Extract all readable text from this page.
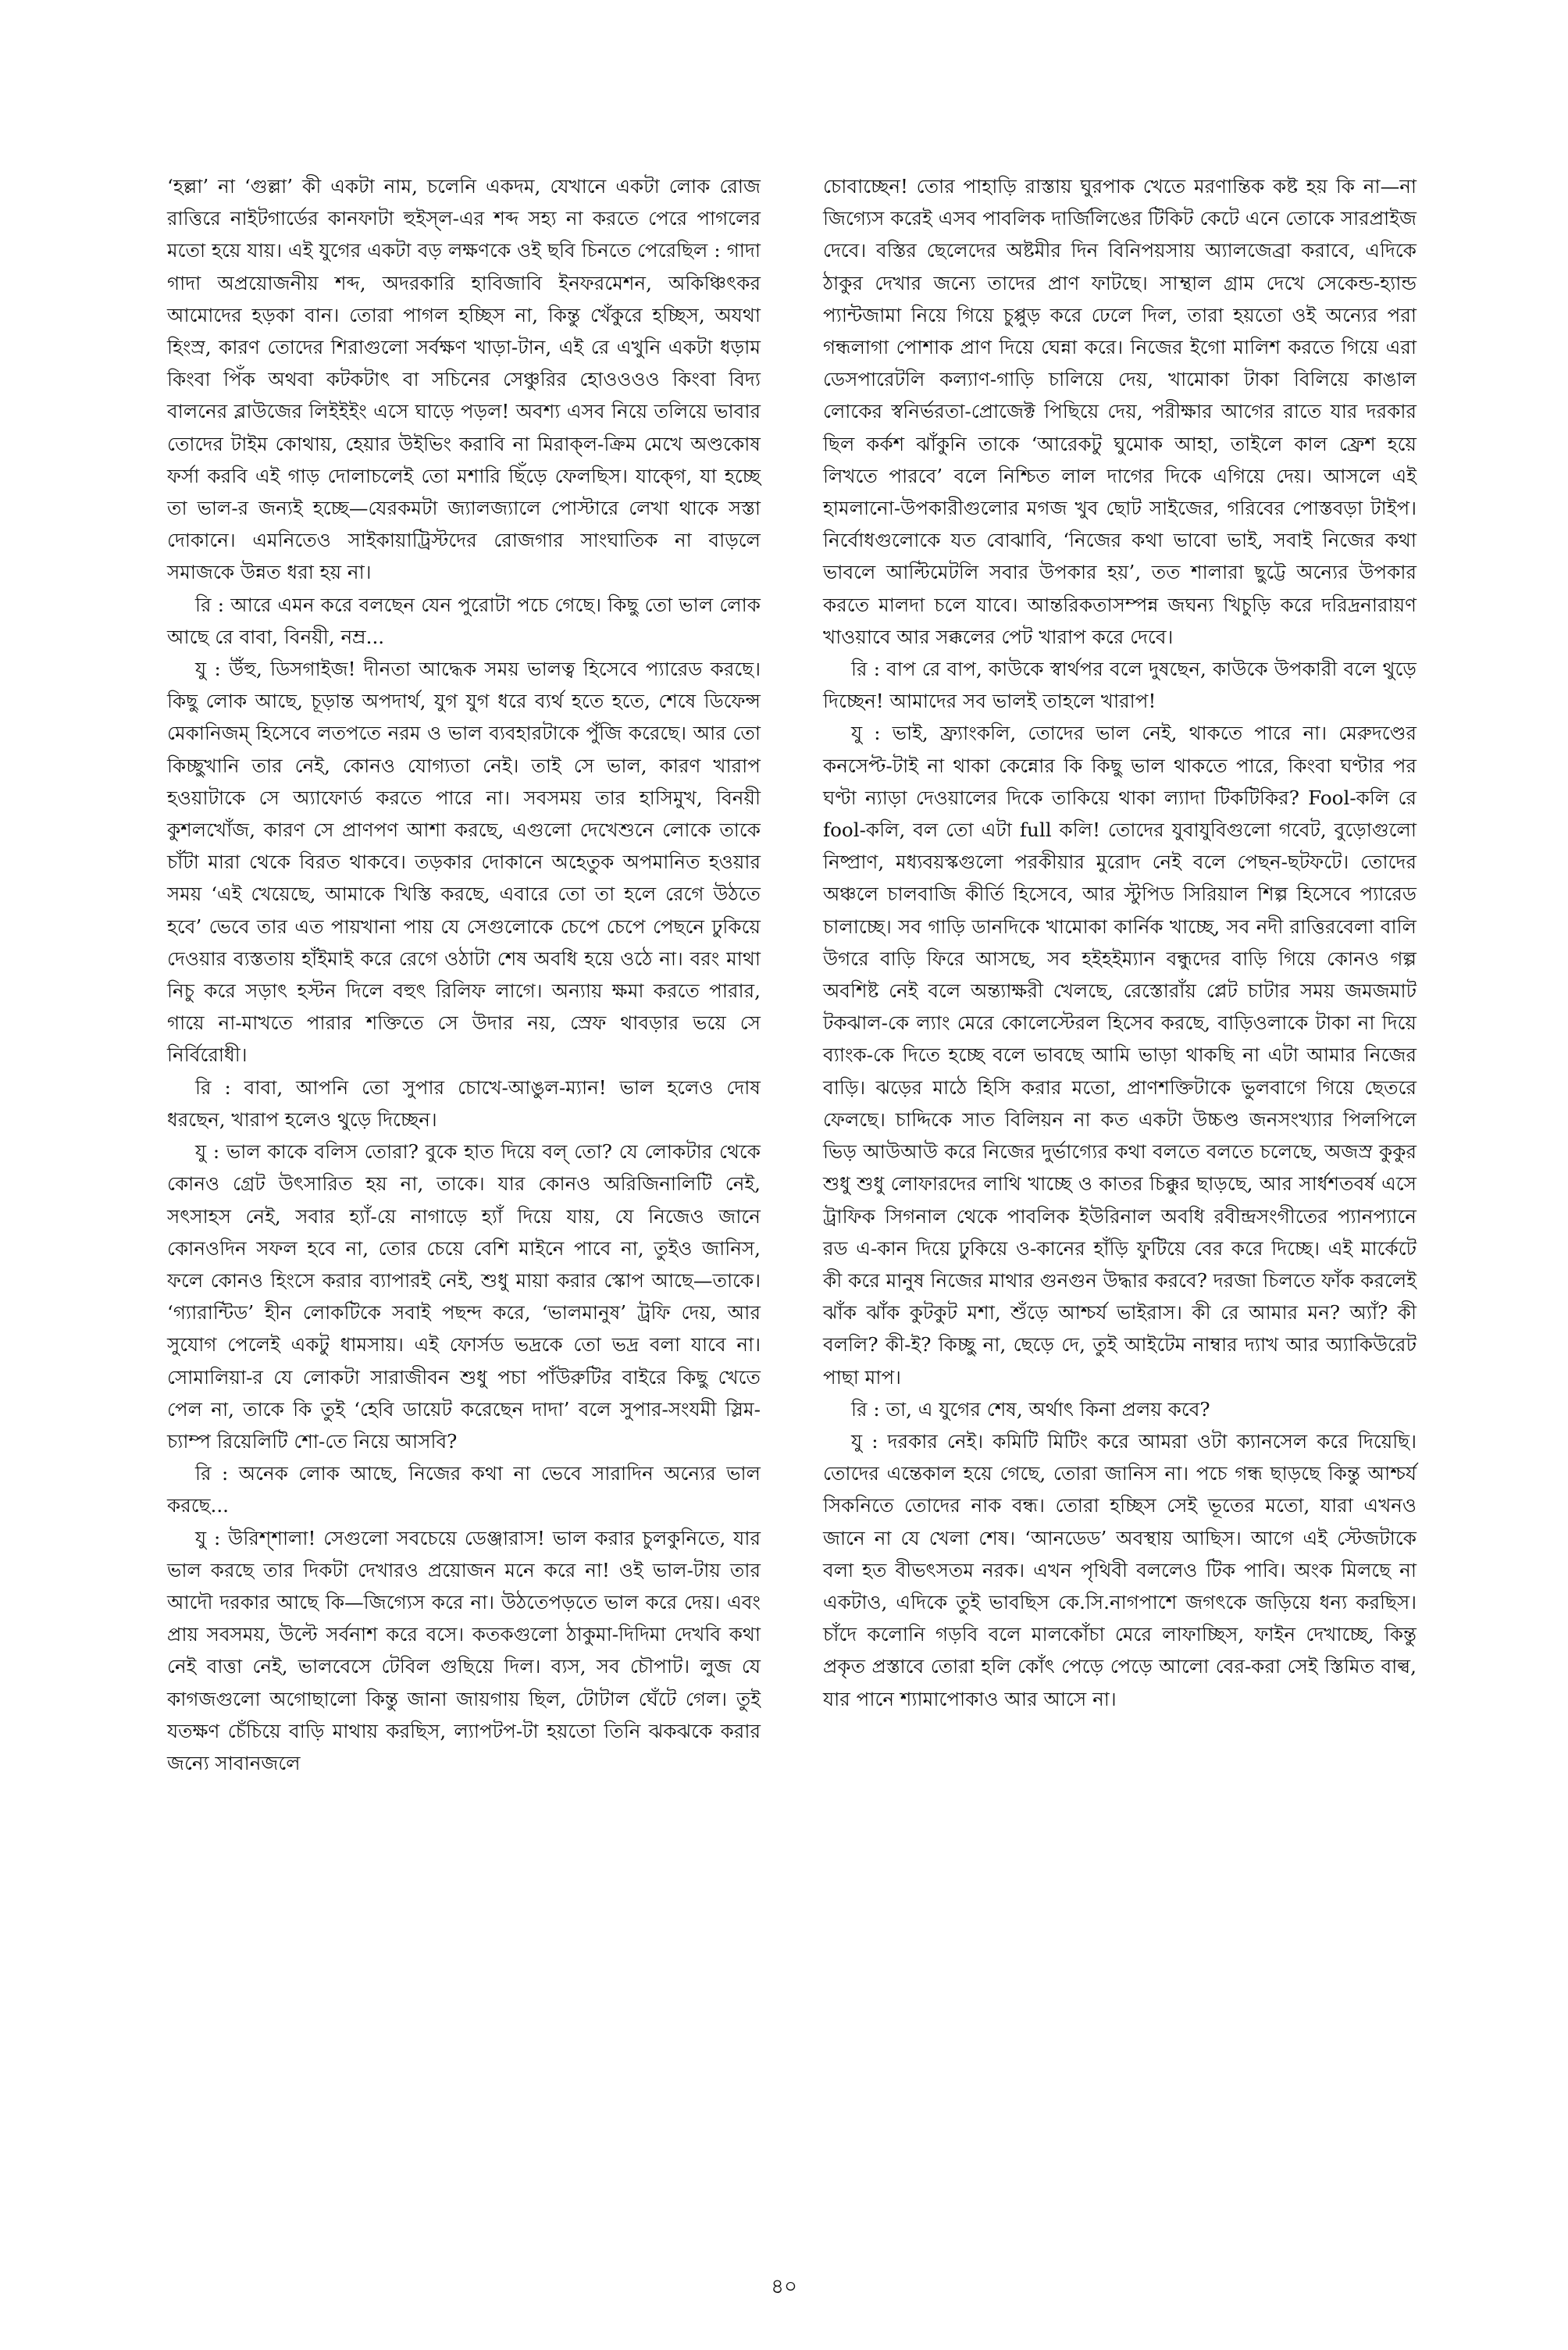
‘হল্লা’ না ‘গুল্লা’ কী একটা নাম, চলেনি একদম, যেখানে একটা লোক রোজ রাত্তিরে নাইটগার্ডের কানফাটা হুইস্‌ল-এর শব্দ সহ্য না করতে পেরে পাগলের মতো হয়ে যায়। এই যুগের একটা বড় লক্ষণকে ওই ছবি চিনতে পেরেছিল : গাদা গাদা অপ্রয়োজনীয় শব্দ, অদরকারি হাবিজাবি ইনফরমেশন, অকিঞ্চিৎকর আমোদের হড়কা বান। তোরা পাগল হচ্ছিস না, কিন্তু খেঁকুরে হচ্ছিস, অযথা হিংস্র, কারণ তোদের শিরাগুলো সর্বক্ষণ খাড়া-টান, এই রে এখুনি একটা ধড়াম কিংবা পিঁক অথবা কটকটাৎ বা সচিনের সেঞ্চুরির হোওওওও কিংবা বিদ্য বালনের ব্লাউজের লিইইইং এসে ঘাড়ে পড়ল! অবশ্য এসব নিয়ে তলিয়ে ভাবার তোদের টাইম কোথায়, হেয়ার উইভিং করাবি না মিরাক্‌ল-ক্রিম মেখে অণ্ডকোষ ফর্সা করবি এই গাড় দোলাচলেই তো মশারি ছিঁড়ে ফেলছিস। যাক্গে, যা হচ্ছে তা ভাল-র জন্যই হচ্ছে—যেরকমটা জ্যালজ্যালে পোস্টারে লেখা থাকে সস্তা দোকানে। এমনিতেও সাইকায়াট্রিস্টদের রোজগার সাংঘাতিক না বাড়লে সমাজকে উন্নত ধরা হয় না।

রি : আরে এমন করে বলছেন যেন পুরোটা পচে গেছে। কিছু তো ভাল লোক আছে রে বাবা, বিনয়ী, নম্র...

যু : উঁহু, ডিসগাইজ! দীনতা আদ্ধেক সময় ভালত্ব হিসেবে প্যারেড করছে। কিছু লোক আছে, চূড়ান্ত অপদার্থ, যুগ যুগ ধরে ব্যর্থ হতে হতে, শেষে ডিফেন্স মেকানিজম্‌ হিসেবে লতপতে নরম ও ভাল ব্যবহারটাকে পুঁজি করেছে। আর তো কিচ্ছুখানি তার নেই, কোনও যোগ্যতা নেই। তাই সে ভাল, কারণ খারাপ হওয়াটাকে সে অ্যাফোর্ড করতে পারে না। সবসময় তার হাসিমুখ, বিনয়ী কুশলখোঁজ, কারণ সে প্রাণপণ আশা করছে, এগুলো দেখেশুনে লোকে তাকে চাঁটা মারা থেকে বিরত থাকবে। তড়কার দোকানে অহেতুক অপমানিত হওয়ার সময় ‘এই খেয়েছে, আমাকে খিস্তি করছে, এবারে তো তা হলে রেগে উঠতে হবে’ ভেবে তার এত পায়খানা পায় যে সেগুলোকে চেপে চেপে পেছনে ঢুকিয়ে দেওয়ার ব্যস্ততায় হাঁইমাই করে রেগে ওঠাটা শেষ অবধি হয়ে ওঠে না। বরং মাথা নিচু করে সড়াৎ হস্টন দিলে বহুৎ রিলিফ লাগে। অন্যায় ক্ষমা করতে পারার, গায়ে না-মাখতে পারার শক্তিতে সে উদার নয়, স্রেফ থাবড়ার ভয়ে সে নির্বিরোধী।

রি : বাবা, আপনি তো সুপার চোখে-আঙুল-ম্যান! ভাল হলেও দোষ ধরছেন, খারাপ হলেও থুড়ে দিচ্ছেন।

যু : ভাল কাকে বলিস তোরা? বুকে হাত দিয়ে বল্‌ তো? যে লোকটার থেকে কোনও গ্রেট উৎসারিত হয় না, তাকে। যার কোনও অরিজিনালিটি নেই, সৎসাহস নেই, সবার হ্যাঁ-য়ে নাগাড়ে হ্যাঁ দিয়ে যায়, যে নিজেও জানে কোনওদিন সফল হবে না, তোর চেয়ে বেশি মাইনে পাবে না, তুইও জানিস, ফলে কোনও হিংসে করার ব্যাপারই নেই, শুধু মায়া করার স্কোপ আছে—তাকে। ‘গ্যারান্টিড’ হীন লোকটিকে সবাই পছন্দ করে, ‘ভালমানুষ’ ট্রফি দেয়, আর সুযোগ পেলেই একটু ধামসায়। এই ফোর্সড ভদ্রকে তো ভদ্র বলা যাবে না। সোমালিয়া-র যে লোকটা সারাজীবন শুধু পচা পাঁউরুটির বাইরে কিছু খেতে পেল না, তাকে কি তুই ‘হেবি ডায়েট করেছেন দাদা’ বলে সুপার-সংযমী স্লিম-চ্যাম্প রিয়েলিটি শো-তে নিয়ে আসবি?

রি : অনেক লোক আছে, নিজের কথা না ভেবে সারাদিন অন্যের ভাল করছে...

যু : উরিশ্‌শালা! সেগুলো সবচেয়ে ডেঞ্জারাস! ভাল করার চুলকুনিতে, যার ভাল করছে তার দিকটা দেখারও প্রয়োজন মনে করে না! ওই ভাল-টায় তার আদৌ দরকার আছে কি—জিগ্যেস করে না। উঠতেপড়তে ভাল করে দেয়। এবং প্রায় সবসময়, উল্টে সর্বনাশ করে বসে। কতকগুলো ঠাকুমা-দিদিমা দেখবি কথা নেই বাত্তা নেই, ভালবেসে টেবিল গুছিয়ে দিল। ব্যস, সব চৌপাট। লুজ যে কাগজগুলো অগোছালো কিন্তু জানা জায়গায় ছিল, টোটাল ঘেঁটে গেল। তুই যতক্ষণ চেঁচিয়ে বাড়ি মাথায় করছিস, ল্যাপটপ-টা হয়তো তিনি ঝকঝকে করার জন্যে সাবানজলে

চোবাচ্ছেন! তোর পাহাড়ি রাস্তায় ঘুরপাক খেতে মরণান্তিক কষ্ট হয় কি না—না জিগ্যেস করেই এসব পাবলিক দার্জিলিঙের টিকিট কেটে এনে তোকে সারপ্রাইজ দেবে। বস্তির ছেলেদের অষ্টমীর দিন বিনিপয়সায় অ্যালজেব্রা করাবে, এদিকে ঠাকুর দেখার জন্যে তাদের প্রাণ ফাটছে। সাম্থাল গ্রাম দেখে সেকেন্ড-হ্যান্ড প্যান্টজামা নিয়ে গিয়ে চুপ্পুড় করে ঢেলে দিল, তারা হয়তো ওই অন্যের পরা গন্ধলাগা পোশাক প্রাণ দিয়ে ঘেন্না করে। নিজের ইগো মালিশ করতে গিয়ে এরা ডেসপারেটলি কল্যাণ-গাড়ি চালিয়ে দেয়, খামোকা টাকা বিলিয়ে কাঙাল লোকের স্বনির্ভরতা-প্রোজেক্ট পিছিয়ে দেয়, পরীক্ষার আগের রাতে যার দরকার ছিল কর্কশ ঝাঁকুনি তাকে ‘আরেকটু ঘুমোক আহা, তাইলে কাল ফ্রেশ হয়ে লিখতে পারবে’ বলে নিশ্চিত লাল দাগের দিকে এগিয়ে দেয়। আসলে এই হামলানো-উপকারীগুলোর মগজ খুব ছোট সাইজের, গরিবের পোস্তবড়া টাইপ। নির্বোধগুলোকে যত বোঝাবি, ‘নিজের কথা ভাবো ভাই, সবাই নিজের কথা ভাবলে আল্টিমেটলি সবার উপকার হয়’, তত শালারা ছুট্টে অন্যের উপকার করতে মালদা চলে যাবে। আন্তরিকতাসম্পন্ন জঘন্য খিচুড়ি করে দরিদ্রনারায়ণ খাওয়াবে আর সক্কলের পেট খারাপ করে দেবে।

রি : বাপ রে বাপ, কাউকে স্বার্থপর বলে দুষছেন, কাউকে উপকারী বলে থুড়ে দিচ্ছেন! আমাদের সব ভালই তাহলে খারাপ!

যু : ভাই, ফ্র্যাংকলি, তোদের ভাল নেই, থাকতে পারে না। মেরুদণ্ডের কনসেপ্ট-টাই না থাকা কেন্নোর কি কিছু ভাল থাকতে পারে, কিংবা ঘণ্টার পর ঘণ্টা ন্যাড়া দেওয়ালের দিকে তাকিয়ে থাকা ল্যাদা টিকটিকির? Fool-কলি রে fool-কলি, বল তো এটা full কলি! তোদের যুবাযুবিগুলো গবেট, বুড়োগুলো নিষ্প্রাণ, মধ্যবয়স্কগুলো পরকীয়ার মুরোদ নেই বলে পেছন-ছটফটে। তোদের অঞ্চলে চালবাজি কীর্তি হিসেবে, আর স্টুপিড সিরিয়াল শিল্প হিসেবে প্যারেড চালাচ্ছে। সব গাড়ি ডানদিকে খামোকা কার্নিক খাচ্ছে, সব নদী রাত্তিরবেলা বালি উগরে বাড়ি ফিরে আসছে, সব হইহইম্যান বন্ধুদের বাড়ি গিয়ে কোনও গল্প অবশিষ্ট নেই বলে অন্ত্যাক্ষরী খেলছে, রেস্তোরাঁয় প্লেট চাটার সময় জমজমাট টকঝাল-কে ল্যাং মেরে কোলেস্টেরল হিসেব করছে, বাড়িওলাকে টাকা না দিয়ে ব্যাংক-কে দিতে হচ্ছে বলে ভাবছে আমি ভাড়া থাকছি না এটা আমার নিজের বাড়ি। ঝড়ের মাঠে হিসি করার মতো, প্রাণশক্তিটাকে ভুলবাগে গিয়ে ছেতরে ফেলছে। চাদ্দিকে সাত বিলিয়ন না কত একটা উচ্চণ্ড জনসংখ্যার পিলপিলে ভিড় আউআউ করে নিজের দুর্ভাগ্যের কথা বলতে বলতে চলেছে, অজস্র কুকুর শুধু শুধু লোফারদের লাথি খাচ্ছে ও কাতর চিক্কুর ছাড়ছে, আর সার্ধশতবর্ষ এসে ট্রাফিক সিগনাল থেকে পাবলিক ইউরিনাল অবধি রবীন্দ্রসংগীতের প্যানপ্যানে রড এ-কান দিয়ে ঢুকিয়ে ও-কানের হাঁড়ি ফুটিয়ে বের করে দিচ্ছে। এই মার্কেটে কী করে মানুষ নিজের মাথার গুনগুন উদ্ধার করবে? দরজা চিলতে ফাঁক করলেই ঝাঁক ঝাঁক কুটকুট মশা, শুঁড়ে আশ্চর্য ভাইরাস। কী রে আমার মন? অ্যাঁ? কী বললি? কী-ই? কিচ্ছু না, ছেড়ে দে, তুই আইটেম নাম্বার দ্যাখ আর অ্যাকিউরেট পাছা মাপ।

রি : তা, এ যুগের শেষ, অর্থাৎ কিনা প্রলয় কবে?

যু : দরকার নেই। কমিটি মিটিং করে আমরা ওটা ক্যানসেল করে দিয়েছি। তোদের এন্তেকাল হয়ে গেছে, তোরা জানিস না। পচে গন্ধ ছাড়ছে কিন্তু আশ্চর্য সিকনিতে তোদের নাক বন্ধ। তোরা হচ্ছিস সেই ভূতের মতো, যারা এখনও জানে না যে খেলা শেষ। ‘আনডেড’ অবস্থায় আছিস। আগে এই স্টেজটাকে বলা হত বীভৎসতম নরক। এখন পৃথিবী বললেও টিক পাবি। অংক মিলছে না একটাও, এদিকে তুই ভাবছিস কে.সি.নাগপাশে জগৎকে জড়িয়ে ধন্য করছিস। চাঁদে কলোনি গড়বি বলে মালকোঁচা মেরে লাফাচ্ছিস, ফাইন দেখাচ্ছে, কিন্তু প্রকৃত প্রস্তাবে তোরা হলি কোঁৎ পেড়ে পেড়ে আলো বের-করা সেই স্তিমিত বাল্ব, যার পানে শ্যামাপোকাও আর আসে না।

৪০
